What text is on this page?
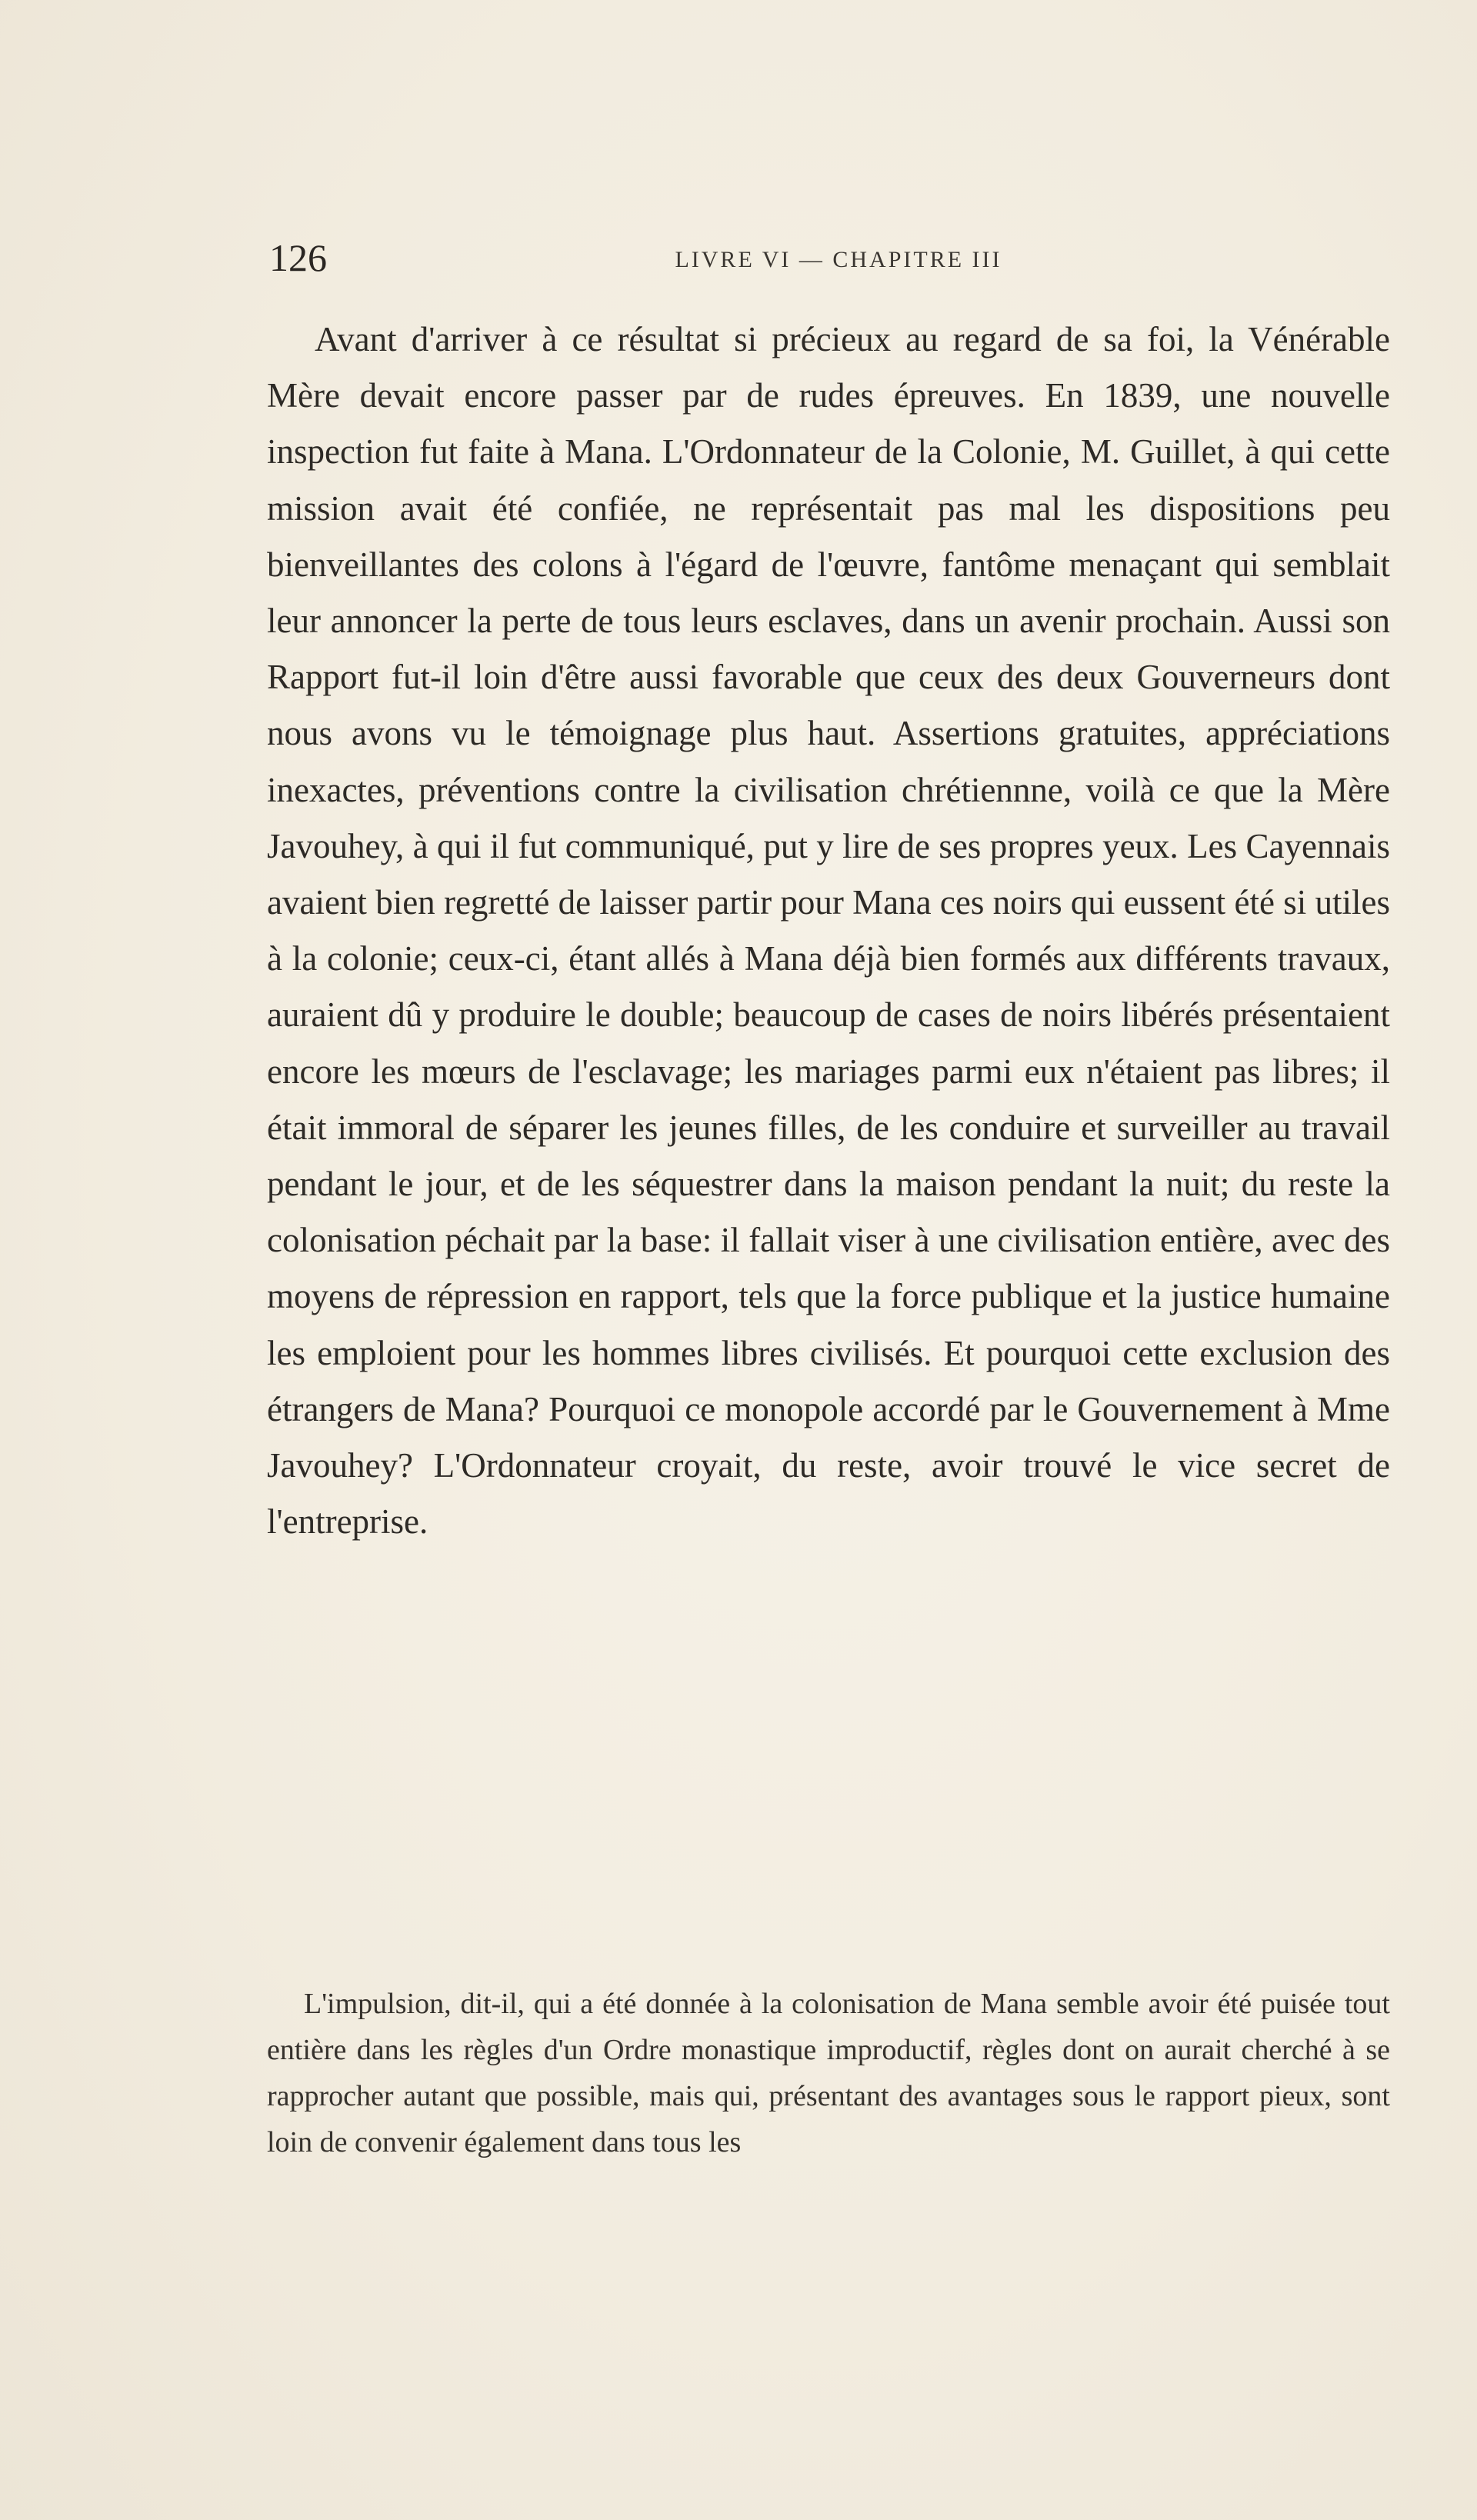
126	LIVRE VI — CHAPITRE III

Avant d'arriver à ce résultat si précieux au regard de sa foi, la Vénérable Mère devait encore passer par de rudes épreuves. En 1839, une nouvelle inspection fut faite à Mana. L'Ordonnateur de la Colonie, M. Guillet, à qui cette mission avait été confiée, ne représentait pas mal les dispositions peu bienveillantes des colons à l'égard de l'œuvre, fantôme menaçant qui semblait leur annoncer la perte de tous leurs esclaves, dans un avenir prochain. Aussi son Rapport fut-il loin d'être aussi favorable que ceux des deux Gouverneurs dont nous avons vu le témoignage plus haut. Assertions gratuites, appréciations inexactes, préventions contre la civilisation chrétiennne, voilà ce que la Mère Javouhey, à qui il fut communiqué, put y lire de ses propres yeux. Les Cayennais avaient bien regretté de laisser partir pour Mana ces noirs qui eussent été si utiles à la colonie; ceux-ci, étant allés à Mana déjà bien formés aux différents travaux, auraient dû y produire le double; beaucoup de cases de noirs libérés présentaient encore les mœurs de l'esclavage; les mariages parmi eux n'étaient pas libres; il était immoral de séparer les jeunes filles, de les conduire et surveiller au travail pendant le jour, et de les séquestrer dans la maison pendant la nuit; du reste la colonisation péchait par la base: il fallait viser à une civilisation entière, avec des moyens de répression en rapport, tels que la force publique et la justice humaine les emploient pour les hommes libres civilisés. Et pourquoi cette exclusion des étrangers de Mana? Pourquoi ce monopole accordé par le Gouvernement à Mme Javouhey? L'Ordonnateur croyait, du reste, avoir trouvé le vice secret de l'entreprise.

L'impulsion, dit-il, qui a été donnée à la colonisation de Mana semble avoir été puisée tout entière dans les règles d'un Ordre monastique improductif, règles dont on aurait cherché à se rapprocher autant que possible, mais qui, présentant des avantages sous le rapport pieux, sont loin de convenir également dans tous les
